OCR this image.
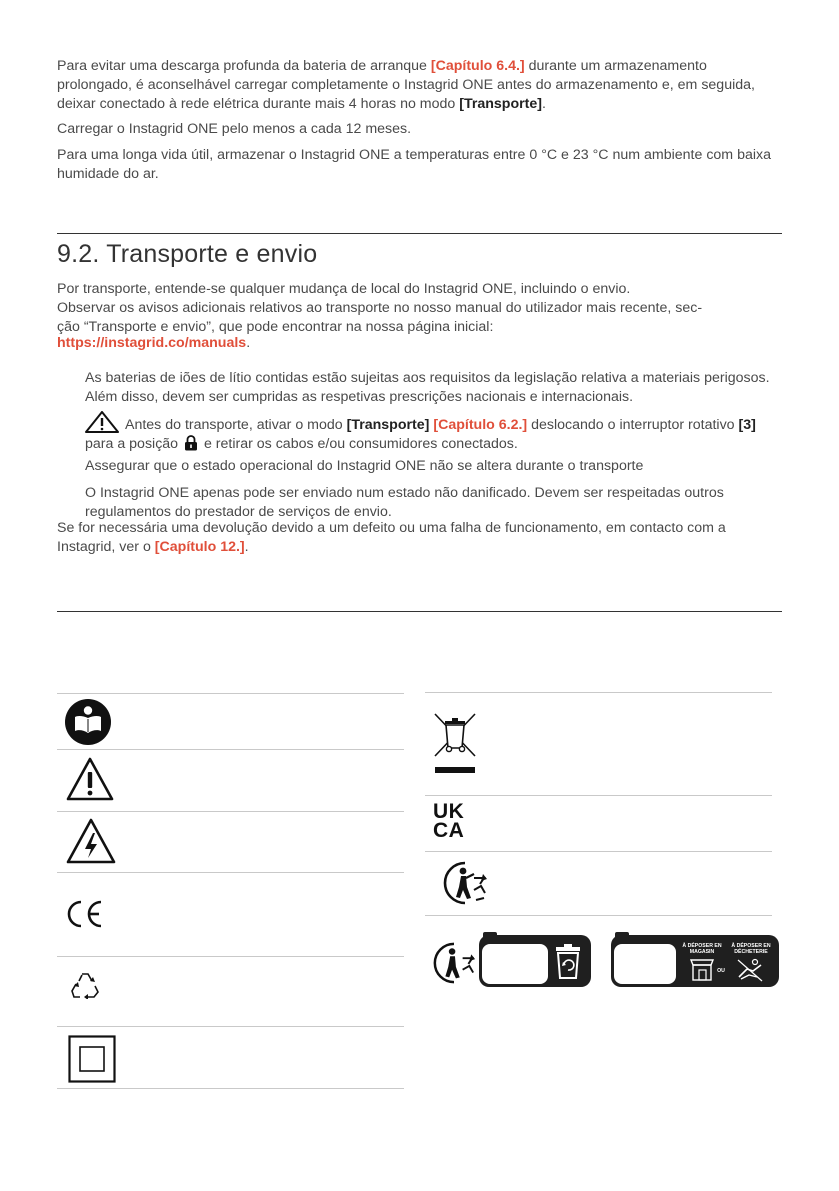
Para evitar uma descarga profunda da bateria de arranque [Capítulo 6.4.] durante um armazenamento prolongado, é aconselhável carregar completamente o Instagrid ONE antes do armazenamento e, em seguida, deixar conectado à rede elétrica durante mais 4 horas no modo [Transporte].

Carregar o Instagrid ONE pelo menos a cada 12 meses.

Para uma longa vida útil, armazenar o Instagrid ONE a temperaturas entre 0 °C e 23 °C num ambiente com baixa humidade do ar.

9.2. Transporte e envio

Por transporte, entende-se qualquer mudança de local do Instagrid ONE, incluindo o envio.

Observar os avisos adicionais relativos ao transporte no nosso manual do utilizador mais recente, sec-

ção “Transporte e envio”, que pode encontrar na nossa página inicial:

https://instagrid.co/manuals.

As baterias de iões de lítio contidas estão sujeitas aos requisitos da legislação relativa a materiais perigosos. Além disso, devem ser cumpridas as respetivas prescrições nacionais e internacionais.

Antes do transporte, ativar o modo [Transporte] [Capítulo 6.2.] deslocando o interruptor rotativo [3] para a posição  e retirar os cabos e/ou consumidores conectados.

Assegurar que o estado operacional do Instagrid ONE não se altera durante o transporte

O Instagrid ONE apenas pode ser enviado num estado não danificado. Devem ser respeitadas outros regulamentos do prestador de serviços de envio.

Se for necessária uma devolução devido a um defeito ou uma falha de funcionamento, em contacto com a Instagrid, ver o [Capítulo 12.].

UK
CA
À DÉPOSER EN MAGASIN
À DÉPOSER EN DÉCHETERIE
OU
